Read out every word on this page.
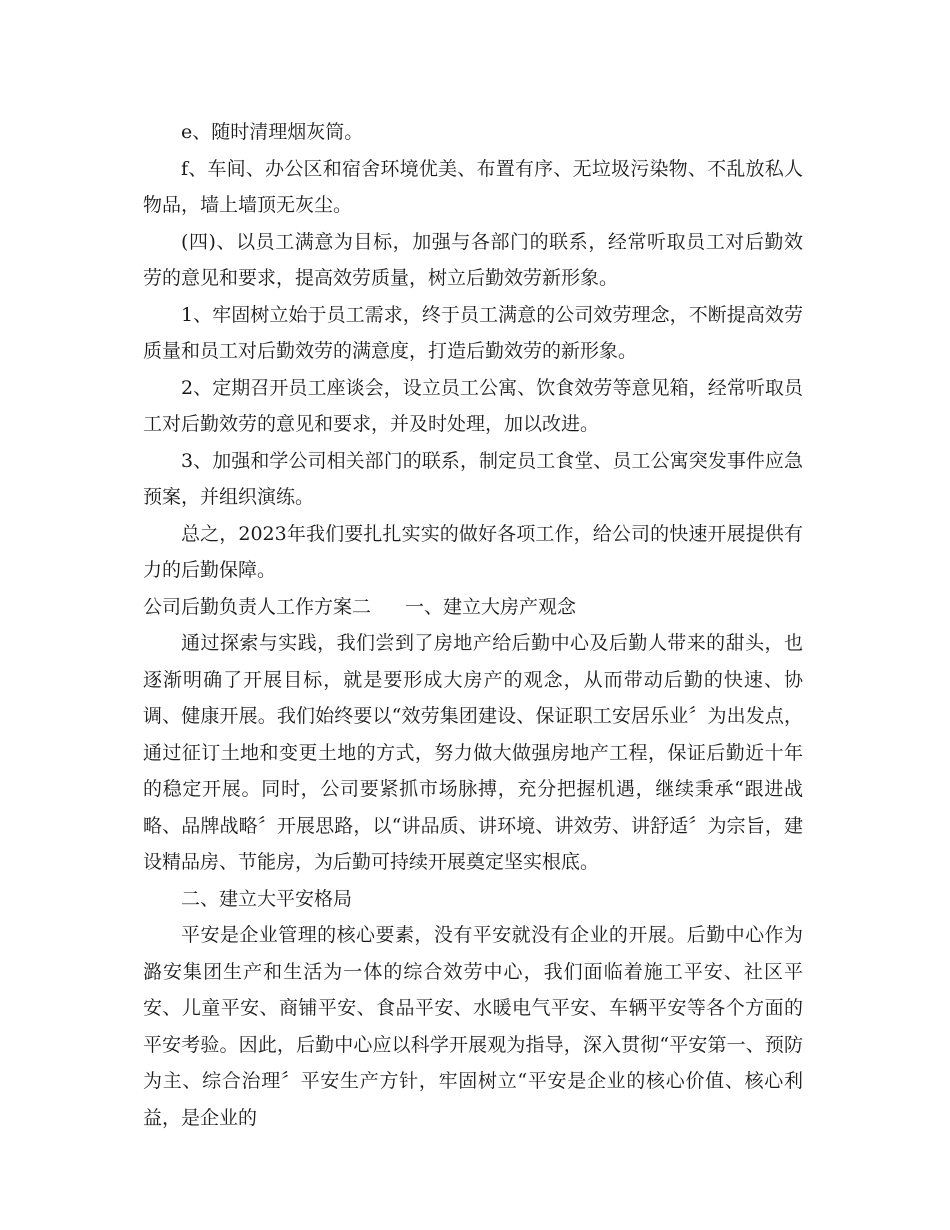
e、随时清理烟灰筒。

f、车间、办公区和宿舍环境优美、布置有序、无垃圾污染物、不乱放私人物品，墙上墙顶无灰尘。

(四)、以员工满意为目标，加强与各部门的联系，经常听取员工对后勤效劳的意见和要求，提高效劳质量，树立后勤效劳新形象。

1、牢固树立始于员工需求，终于员工满意的公司效劳理念，不断提高效劳质量和员工对后勤效劳的满意度，打造后勤效劳的新形象。

2、定期召开员工座谈会，设立员工公寓、饮食效劳等意见箱，经常听取员工对后勤效劳的意见和要求，并及时处理，加以改进。

3、加强和学公司相关部门的联系，制定员工食堂、员工公寓突发事件应急预案，并组织演练。

总之，2023年我们要扎扎实实的做好各项工作，给公司的快速开展提供有力的后勤保障。

公司后勤负责人工作方案二 一、建立大房产观念

通过探索与实践，我们尝到了房地产给后勤中心及后勤人带来的甜头，也逐渐明确了开展目标，就是要形成大房产的观念，从而带动后勤的快速、协调、健康开展。我们始终要以“效劳集团建设、保证职工安居乐业〞为出发点，通过征订土地和变更土地的方式，努力做大做强房地产工程，保证后勤近十年的稳定开展。同时，公司要紧抓市场脉搏，充分把握机遇，继续秉承“跟进战略、品牌战略〞开展思路，以“讲品质、讲环境、讲效劳、讲舒适〞为宗旨，建设精品房、节能房，为后勤可持续开展奠定坚实根底。

二、建立大平安格局

平安是企业管理的核心要素，没有平安就没有企业的开展。后勤中心作为潞安集团生产和生活为一体的综合效劳中心，我们面临着施工平安、社区平安、儿童平安、商铺平安、食品平安、水暖电气平安、车辆平安等各个方面的平安考验。因此，后勤中心应以科学开展观为指导，深入贯彻“平安第一、预防为主、综合治理〞平安生产方针，牢固树立“平安是企业的核心价值、核心利益，是企业的
